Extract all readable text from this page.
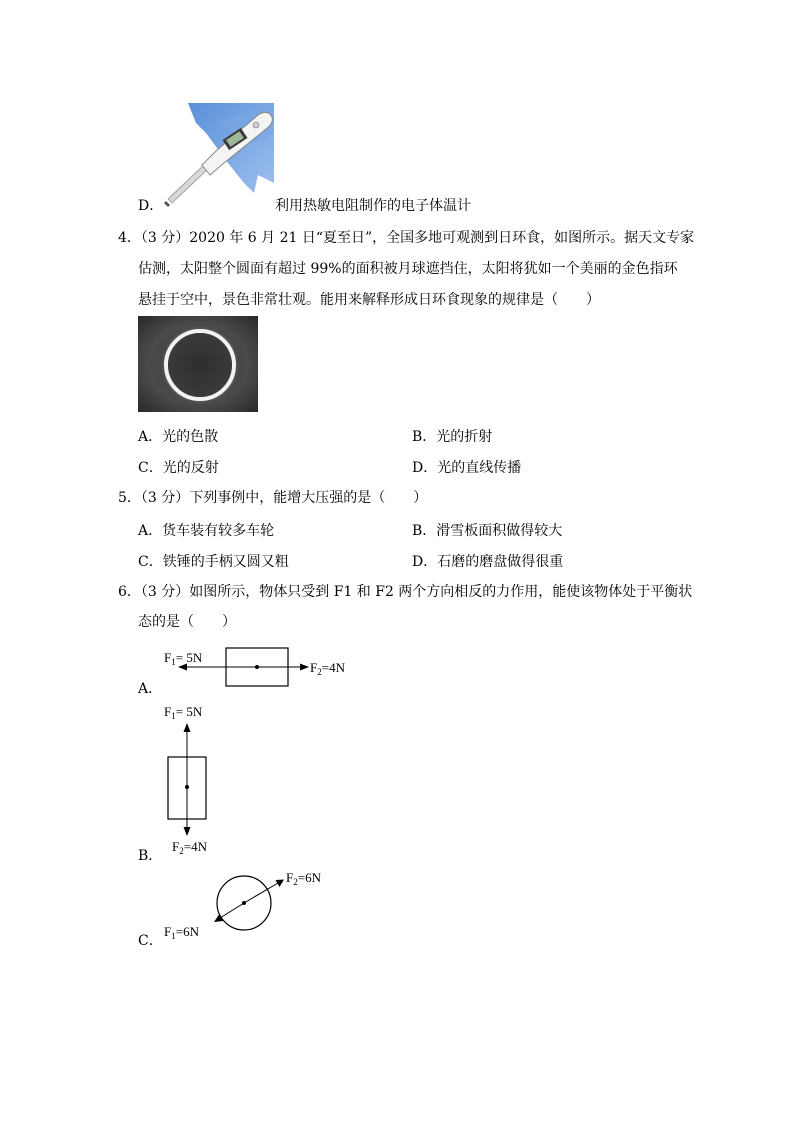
D．	利用热敏电阻制作的电子体温计
4．（3 分）2020 年 6 月 21 日“夏至日”，全国多地可观测到日环食，如图所示。据天文专家
估测，太阳整个圆面有超过 99%的面积被月球遮挡住，太阳将犹如一个美丽的金色指环
悬挂于空中，景色非常壮观。能用来解释形成日环食现象的规律是（　　）
A．光的色散	B．光的折射
C．光的反射	D．光的直线传播
5．（3 分）下列事例中，能增大压强的是（　　）
A．货车装有较多车轮	B．滑雪板面积做得较大
C．铁锤的手柄又圆又粗	D．石磨的磨盘做得很重
6．（3 分）如图所示，物体只受到 F1 和 F2 两个方向相反的力作用，能使该物体处于平衡状
态的是（　　）
$F_1= 5N$
$F_2=4N$
A．
$F_1= 5N$
$F_2=4N$
B．
$F_2=6N$
$F_1=6N$
C．
